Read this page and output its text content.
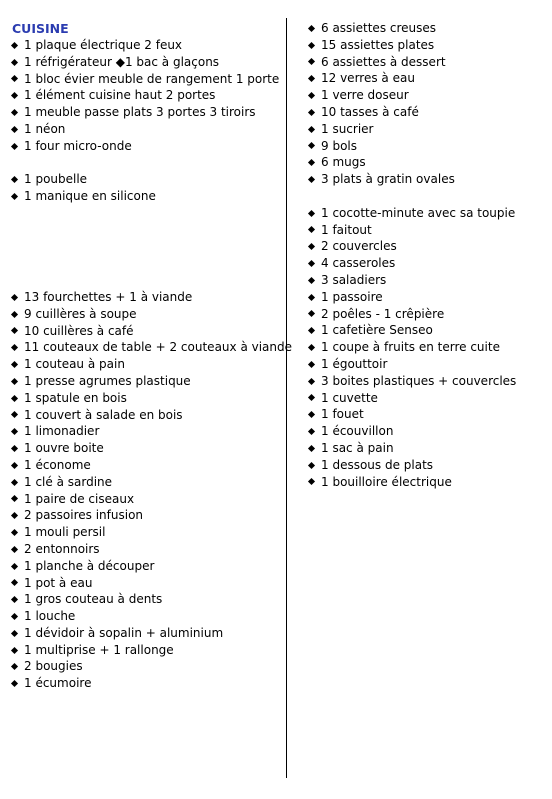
CUISINE
1 plaque électrique 2 feux
1 réfrigérateur ◆1 bac à glaçons
1 bloc évier meuble de rangement 1 porte
1 élément cuisine haut 2 portes
1 meuble passe plats 3 portes 3 tiroirs
1 néon
1 four micro-onde
1 poubelle
1 manique en silicone
13 fourchettes + 1 à viande
9 cuillères à soupe
10 cuillères à café
11 couteaux de table + 2 couteaux à viande
1 couteau à pain
1 presse agrumes plastique
1 spatule en bois
1 couvert à salade en bois
1 limonadier
1 ouvre boite
1 économe
1 clé à sardine
1 paire de ciseaux
2 passoires infusion
1 mouli persil
2 entonnoirs
1 planche à découper
1 pot à eau
1 gros couteau à dents
1 louche
1 dévidoir à sopalin + aluminium
1 multiprise + 1 rallonge
2 bougies
1 écumoire
6 assiettes creuses
15 assiettes plates
6 assiettes à dessert
12 verres à eau
1 verre doseur
10 tasses à café
1 sucrier
9 bols
6 mugs
3 plats à gratin ovales
1 cocotte-minute avec sa toupie
1 faitout
2 couvercles
4 casseroles
3 saladiers
1 passoire
2 poêles - 1 crêpière
1 cafetière Senseo
1 coupe à fruits en terre cuite
1 égouttoir
3 boites plastiques + couvercles
1 cuvette
1 fouet
1 écouvillon
1 sac à pain
1 dessous de plats
1 bouilloire électrique
